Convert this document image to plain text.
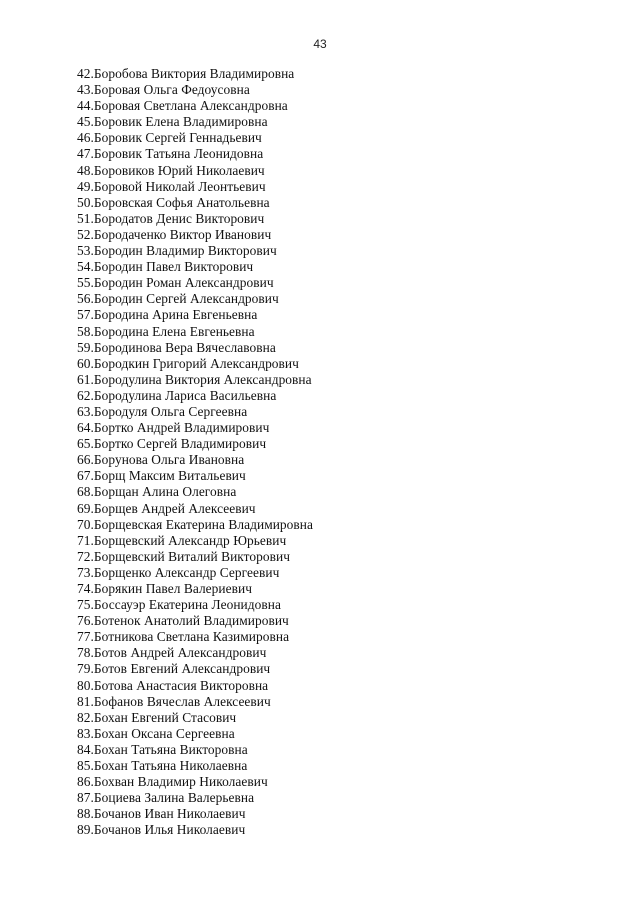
43
42.Боробова Виктория Владимировна
43.Боровая Ольга Федоусовна
44.Боровая Светлана Александровна
45.Боровик Елена Владимировна
46.Боровик Сергей Геннадьевич
47.Боровик Татьяна Леонидовна
48.Боровиков Юрий Николаевич
49.Боровой Николай Леонтьевич
50.Боровская Софья Анатольевна
51.Бородатов Денис Викторович
52.Бородаченко Виктор Иванович
53.Бородин Владимир Викторович
54.Бородин Павел Викторович
55.Бородин Роман Александрович
56.Бородин Сергей Александрович
57.Бородина Арина Евгеньевна
58.Бородина Елена Евгеньевна
59.Бородинова Вера Вячеславовна
60.Бородкин Григорий Александрович
61.Бородулина Виктория Александровна
62.Бородулина Лариса Васильевна
63.Бородуля Ольга Сергеевна
64.Бортко Андрей Владимирович
65.Бортко Сергей Владимирович
66.Борунова Ольга Ивановна
67.Борщ Максим Витальевич
68.Борщан Алина Олеговна
69.Борщев Андрей Алексеевич
70.Борщевская Екатерина Владимировна
71.Борщевский Александр Юрьевич
72.Борщевский Виталий Викторович
73.Борщенко Александр Сергеевич
74.Борякин Павел Валериевич
75.Боссауэр Екатерина Леонидовна
76.Ботенок Анатолий Владимирович
77.Ботникова Светлана Казимировна
78.Ботов Андрей Александрович
79.Ботов Евгений Александрович
80.Ботова Анастасия Викторовна
81.Бофанов Вячеслав Алексеевич
82.Бохан Евгений Стасович
83.Бохан Оксана Сергеевна
84.Бохан Татьяна Викторовна
85.Бохан Татьяна Николаевна
86.Бохван Владимир Николаевич
87.Боциева Залина Валерьевна
88.Бочанов Иван Николаевич
89.Бочанов Илья Николаевич
